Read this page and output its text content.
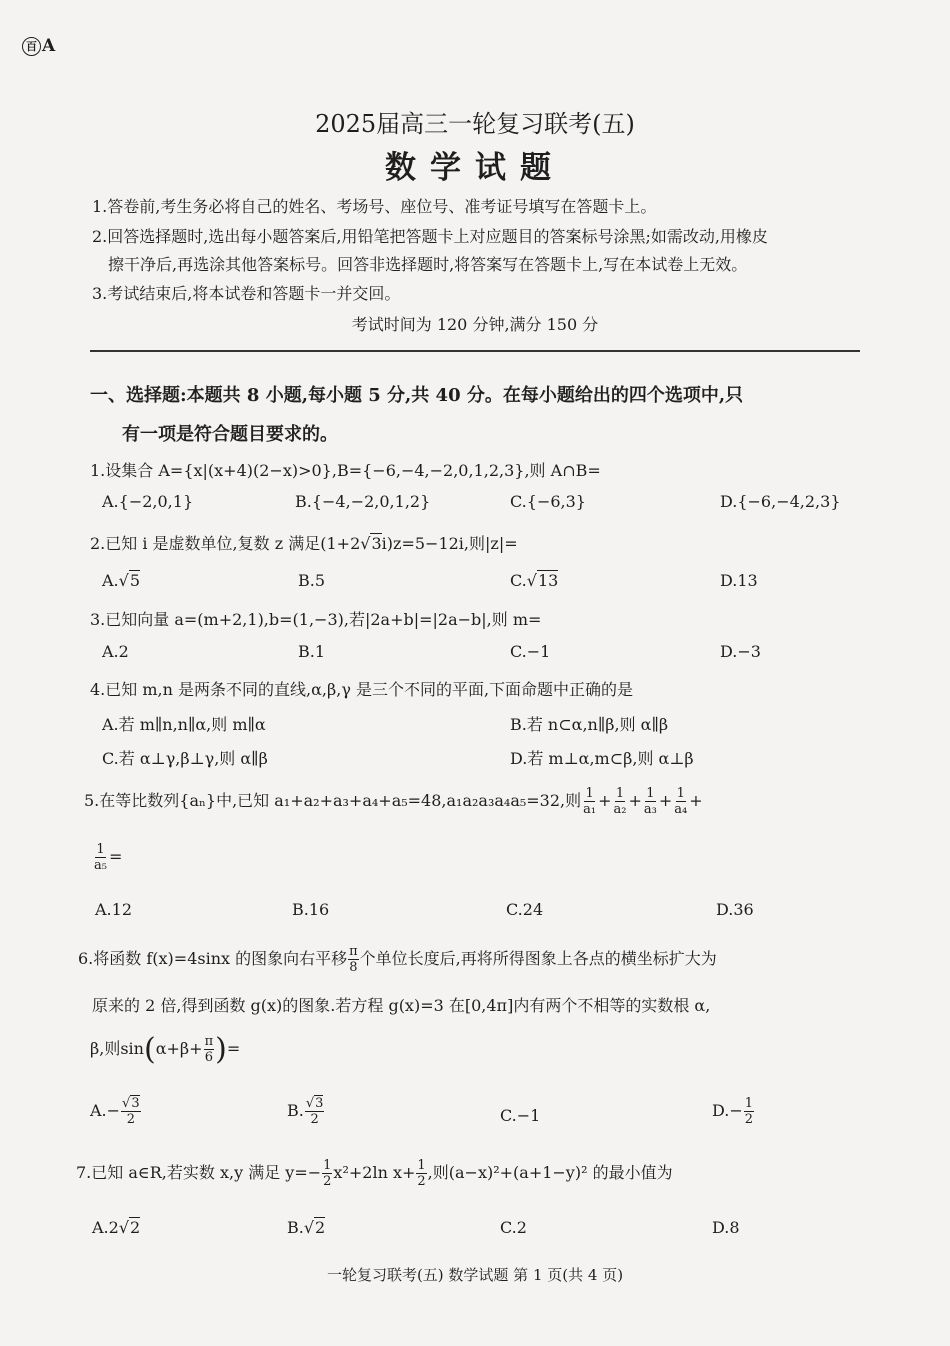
百 A
2025届高三一轮复习联考(五)
数学试题
1.答卷前,考生务必将自己的姓名、考场号、座位号、准考证号填写在答题卡上。
2.回答选择题时,选出每小题答案后,用铅笔把答题卡上对应题目的答案标号涂黑;如需改动,用橡皮
擦干净后,再选涂其他答案标号。回答非选择题时,将答案写在答题卡上,写在本试卷上无效。
3.考试结束后,将本试卷和答题卡一并交回。
考试时间为 120 分钟,满分 150 分
一、选择题:本题共 8 小题,每小题 5 分,共 40 分。在每小题给出的四个选项中,只
有一项是符合题目要求的。
1.设集合 A={x|(x+4)(2−x)>0},B={−6,−4,−2,0,1,2,3},则 A∩B=
A.{−2,0,1}	B.{−4,−2,0,1,2}	C.{−6,3}	D.{−6,−4,2,3}
2.已知 i 是虚数单位,复数 z 满足(1+2√3i)z=5−12i,则|z|=
A.√5	B.5	C.√13	D.13
3.已知向量 a=(m+2,1),b=(1,−3),若|2a+b|=|2a−b|,则 m=
A.2	B.1	C.−1	D.−3
4.已知 m,n 是两条不同的直线,α,β,γ 是三个不同的平面,下面命题中正确的是
A.若 m∥n,n∥α,则 m∥α	B.若 n⊂α,n∥β,则 α∥β
C.若 α⊥γ,β⊥γ,则 α∥β	D.若 m⊥α,m⊂β,则 α⊥β
5.在等比数列{aₙ}中,已知 a₁+a₂+a₃+a₄+a₅=48,a₁a₂a₃a₄a₅=32,则 $\frac{1}{\text{a₁}} + \frac{1}{\text{a₂}} + \frac{1}{\text{a₃}} + \frac{1}{\text{a₄}}$ +
$\frac{1}{\text{a₅}}$ =
A.12	B.16	C.24	D.36
6.将函数 f(x)=4sinx 的图象向右平移 $\frac{\pi}{8}$ 个单位长度后,再将所得图象上各点的横坐标扩大为
原来的 2 倍,得到函数 g(x)的图象.若方程 g(x)=3 在[0,4π]内有两个不相等的实数根 α,
β,则$\sin(\alpha+\beta+ \frac{\pi}{6}$ )=
$A.- \frac{√3}{2}$	B. $\frac{√3}{2}$	C.−1	$D.- \frac{1}{2}$
7.已知 a∈R,若实数 x,y 满足 $y=- \frac{1}{2} x^2+2\ln$ $x+ \frac{1}{2}$ ,则(a−x)²+(a+1−y)² 的最小值为
A.2√2	B.√2	C.2	D.8
一轮复习联考(五) 数学试题 第 1 页(共 4 页)
